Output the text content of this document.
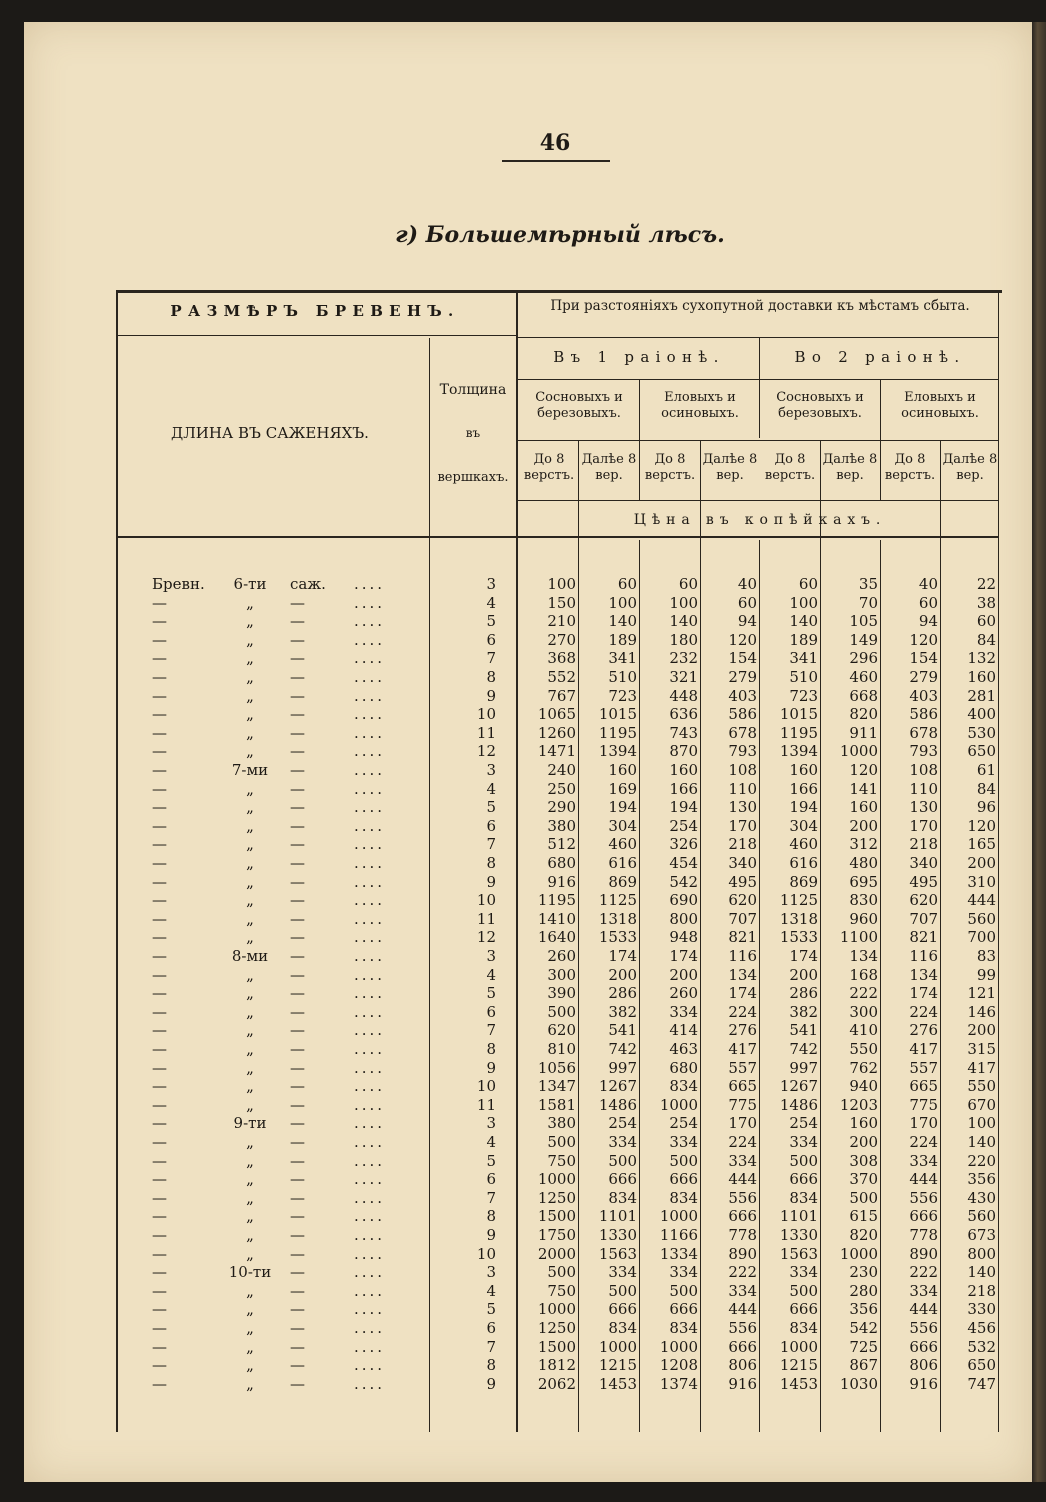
46
г) Большемѣрный лѣсъ.
РАЗМѢРЪ БРЕВЕНЪ.
ДЛИНА ВЪ САЖЕНЯХЪ.
Толщина
въ
вершкахъ.
При разстояніяхъ сухопутной доставки къ мѣстамъ сбыта.
Въ 1 раіонѣ.	Во 2 раіонѣ.
Сосновыхъ и березовыхъ.
Еловыхъ и осиновыхъ.
Сосновыхъ и березовыхъ.
Еловыхъ и осиновыхъ.
До 8 верстъ.
Далѣе 8 вер.
До 8 верстъ.
Далѣе 8 вер.
До 8 верстъ.
Далѣе 8 вер.
До 8 верстъ.
Далѣе 8 вер.
Цѣна въ копѣйкахъ.
Бревн.	6-ти	саж.	....	3	100	60	60	40	60	35	40	22
—	„	—	....	4	150	100	100	60	100	70	60	38
—	„	—	....	5	210	140	140	94	140	105	94	60
—	„	—	....	6	270	189	180	120	189	149	120	84
—	„	—	....	7	368	341	232	154	341	296	154	132
—	„	—	....	8	552	510	321	279	510	460	279	160
—	„	—	....	9	767	723	448	403	723	668	403	281
—	„	—	....	10	1065	1015	636	586	1015	820	586	400
—	„	—	....	11	1260	1195	743	678	1195	911	678	530
—	„	—	....	12	1471	1394	870	793	1394	1000	793	650
—	7-ми	—	....	3	240	160	160	108	160	120	108	61
—	„	—	....	4	250	169	166	110	166	141	110	84
—	„	—	....	5	290	194	194	130	194	160	130	96
—	„	—	....	6	380	304	254	170	304	200	170	120
—	„	—	....	7	512	460	326	218	460	312	218	165
—	„	—	....	8	680	616	454	340	616	480	340	200
—	„	—	....	9	916	869	542	495	869	695	495	310
—	„	—	....	10	1195	1125	690	620	1125	830	620	444
—	„	—	....	11	1410	1318	800	707	1318	960	707	560
—	„	—	....	12	1640	1533	948	821	1533	1100	821	700
—	8-ми	—	....	3	260	174	174	116	174	134	116	83
—	„	—	....	4	300	200	200	134	200	168	134	99
—	„	—	....	5	390	286	260	174	286	222	174	121
—	„	—	....	6	500	382	334	224	382	300	224	146
—	„	—	....	7	620	541	414	276	541	410	276	200
—	„	—	....	8	810	742	463	417	742	550	417	315
—	„	—	....	9	1056	997	680	557	997	762	557	417
—	„	—	....	10	1347	1267	834	665	1267	940	665	550
—	„	—	....	11	1581	1486	1000	775	1486	1203	775	670
—	9-ти	—	....	3	380	254	254	170	254	160	170	100
—	„	—	....	4	500	334	334	224	334	200	224	140
—	„	—	....	5	750	500	500	334	500	308	334	220
—	„	—	....	6	1000	666	666	444	666	370	444	356
—	„	—	....	7	1250	834	834	556	834	500	556	430
—	„	—	....	8	1500	1101	1000	666	1101	615	666	560
—	„	—	....	9	1750	1330	1166	778	1330	820	778	673
—	„	—	....	10	2000	1563	1334	890	1563	1000	890	800
—	10-ти	—	....	3	500	334	334	222	334	230	222	140
—	„	—	....	4	750	500	500	334	500	280	334	218
—	„	—	....	5	1000	666	666	444	666	356	444	330
—	„	—	....	6	1250	834	834	556	834	542	556	456
—	„	—	....	7	1500	1000	1000	666	1000	725	666	532
—	„	—	....	8	1812	1215	1208	806	1215	867	806	650
—	„	—	....	9	2062	1453	1374	916	1453	1030	916	747
